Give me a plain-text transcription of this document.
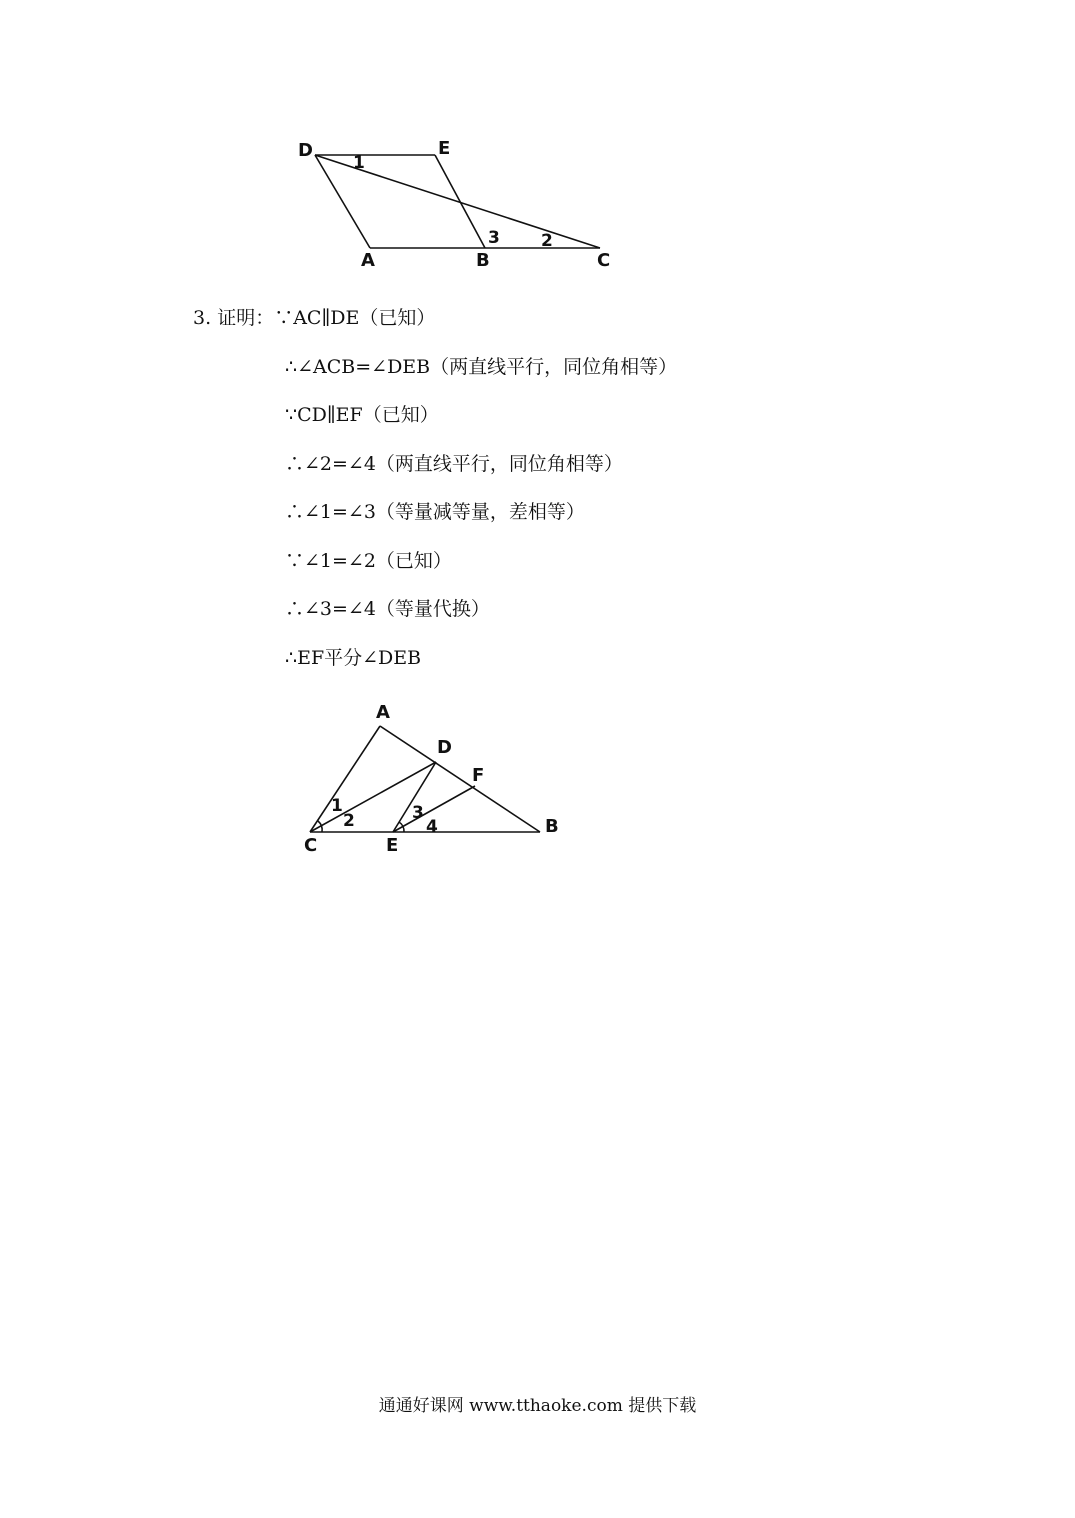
D	E
A	B	C
1
3 2
3. 证明：∵AC∥DE（已知）
∴∠ACB=∠DEB（两直线平行，同位角相等）
∵CD∥EF（已知）
∴∠2=∠4（两直线平行，同位角相等）
∴∠1=∠3（等量减等量，差相等）
∵∠1=∠2（已知）
∴∠3=∠4（等量代换）
∴EF平分∠DEB
A
D
F
B
C	E
1
2	3
4
通通好课网 www.tthaoke.com 提供下载
